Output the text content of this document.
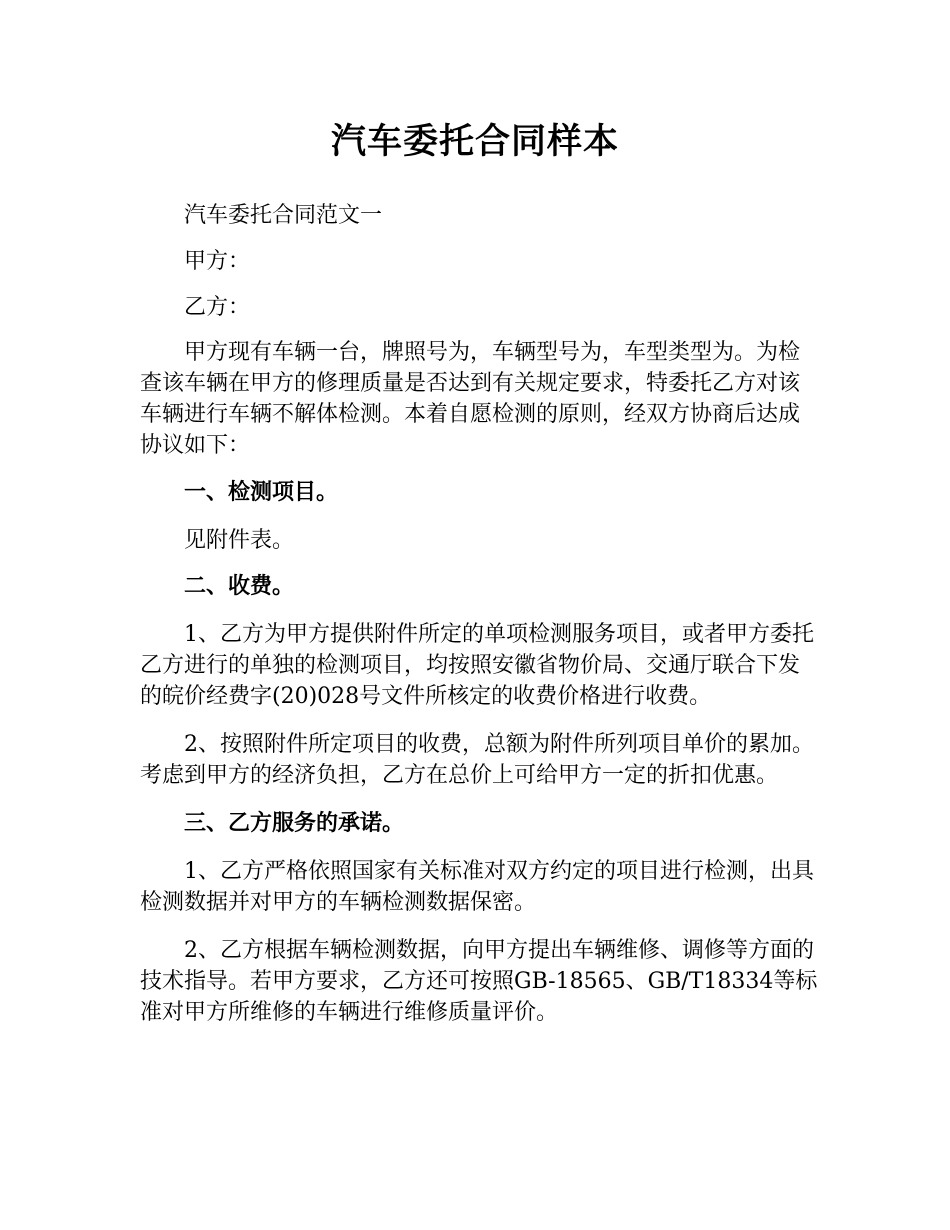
汽车委托合同样本

汽车委托合同范文一

甲方：

乙方：

甲方现有车辆一台，牌照号为，车辆型号为，车型类型为。为检查该车辆在甲方的修理质量是否达到有关规定要求，特委托乙方对该车辆进行车辆不解体检测。本着自愿检测的原则，经双方协商后达成协议如下：

一、检测项目。

见附件表。

二、收费。

1、乙方为甲方提供附件所定的单项检测服务项目，或者甲方委托乙方进行的单独的检测项目，均按照安徽省物价局、交通厅联合下发的皖价经费字(20)028号文件所核定的收费价格进行收费。

2、按照附件所定项目的收费，总额为附件所列项目单价的累加。考虑到甲方的经济负担，乙方在总价上可给甲方一定的折扣优惠。

三、乙方服务的承诺。

1、乙方严格依照国家有关标准对双方约定的项目进行检测，出具检测数据并对甲方的车辆检测数据保密。

2、乙方根据车辆检测数据，向甲方提出车辆维修、调修等方面的技术指导。若甲方要求，乙方还可按照GB-18565、GB/T18334等标准对甲方所维修的车辆进行维修质量评价。
